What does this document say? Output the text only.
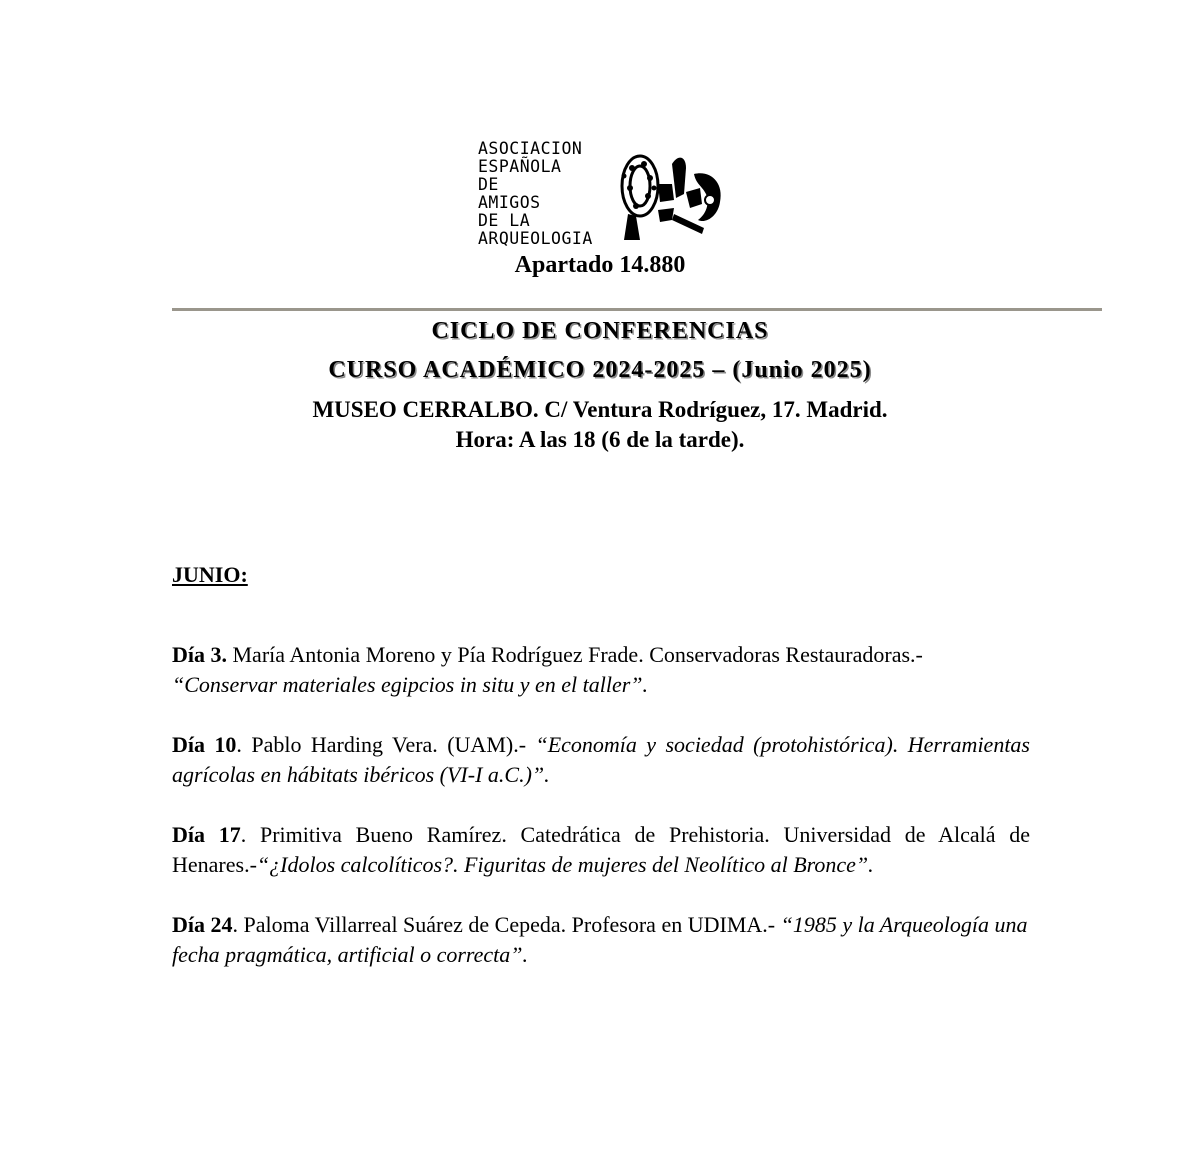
ASOCIACION
ESPAÑOLA
DE
AMIGOS
DE LA
ARQUEOLOGIA
Apartado 14.880
CICLO DE CONFERENCIAS
CURSO ACADÉMICO 2024-2025 – (Junio 2025)
MUSEO CERRALBO. C/ Ventura Rodríguez, 17. Madrid.
Hora: A las 18 (6 de la tarde).
JUNIO:

Día 3. María Antonia Moreno y Pía Rodríguez Frade. Conservadoras Restauradoras.-
“Conservar materiales egipcios in situ y en el taller”.

Día 10. Pablo Harding Vera. (UAM).- “Economía y sociedad (protohistórica). Herramientas agrícolas en hábitats ibéricos (VI-I a.C.)”.

Día 17. Primitiva Bueno Ramírez. Catedrática de Prehistoria. Universidad de Alcalá de Henares.-“¿Idolos calcolíticos?. Figuritas de mujeres del Neolítico al Bronce”.

Día 24. Paloma Villarreal Suárez de Cepeda. Profesora en UDIMA.- “1985 y la Arqueología una fecha pragmática, artificial o correcta”.
